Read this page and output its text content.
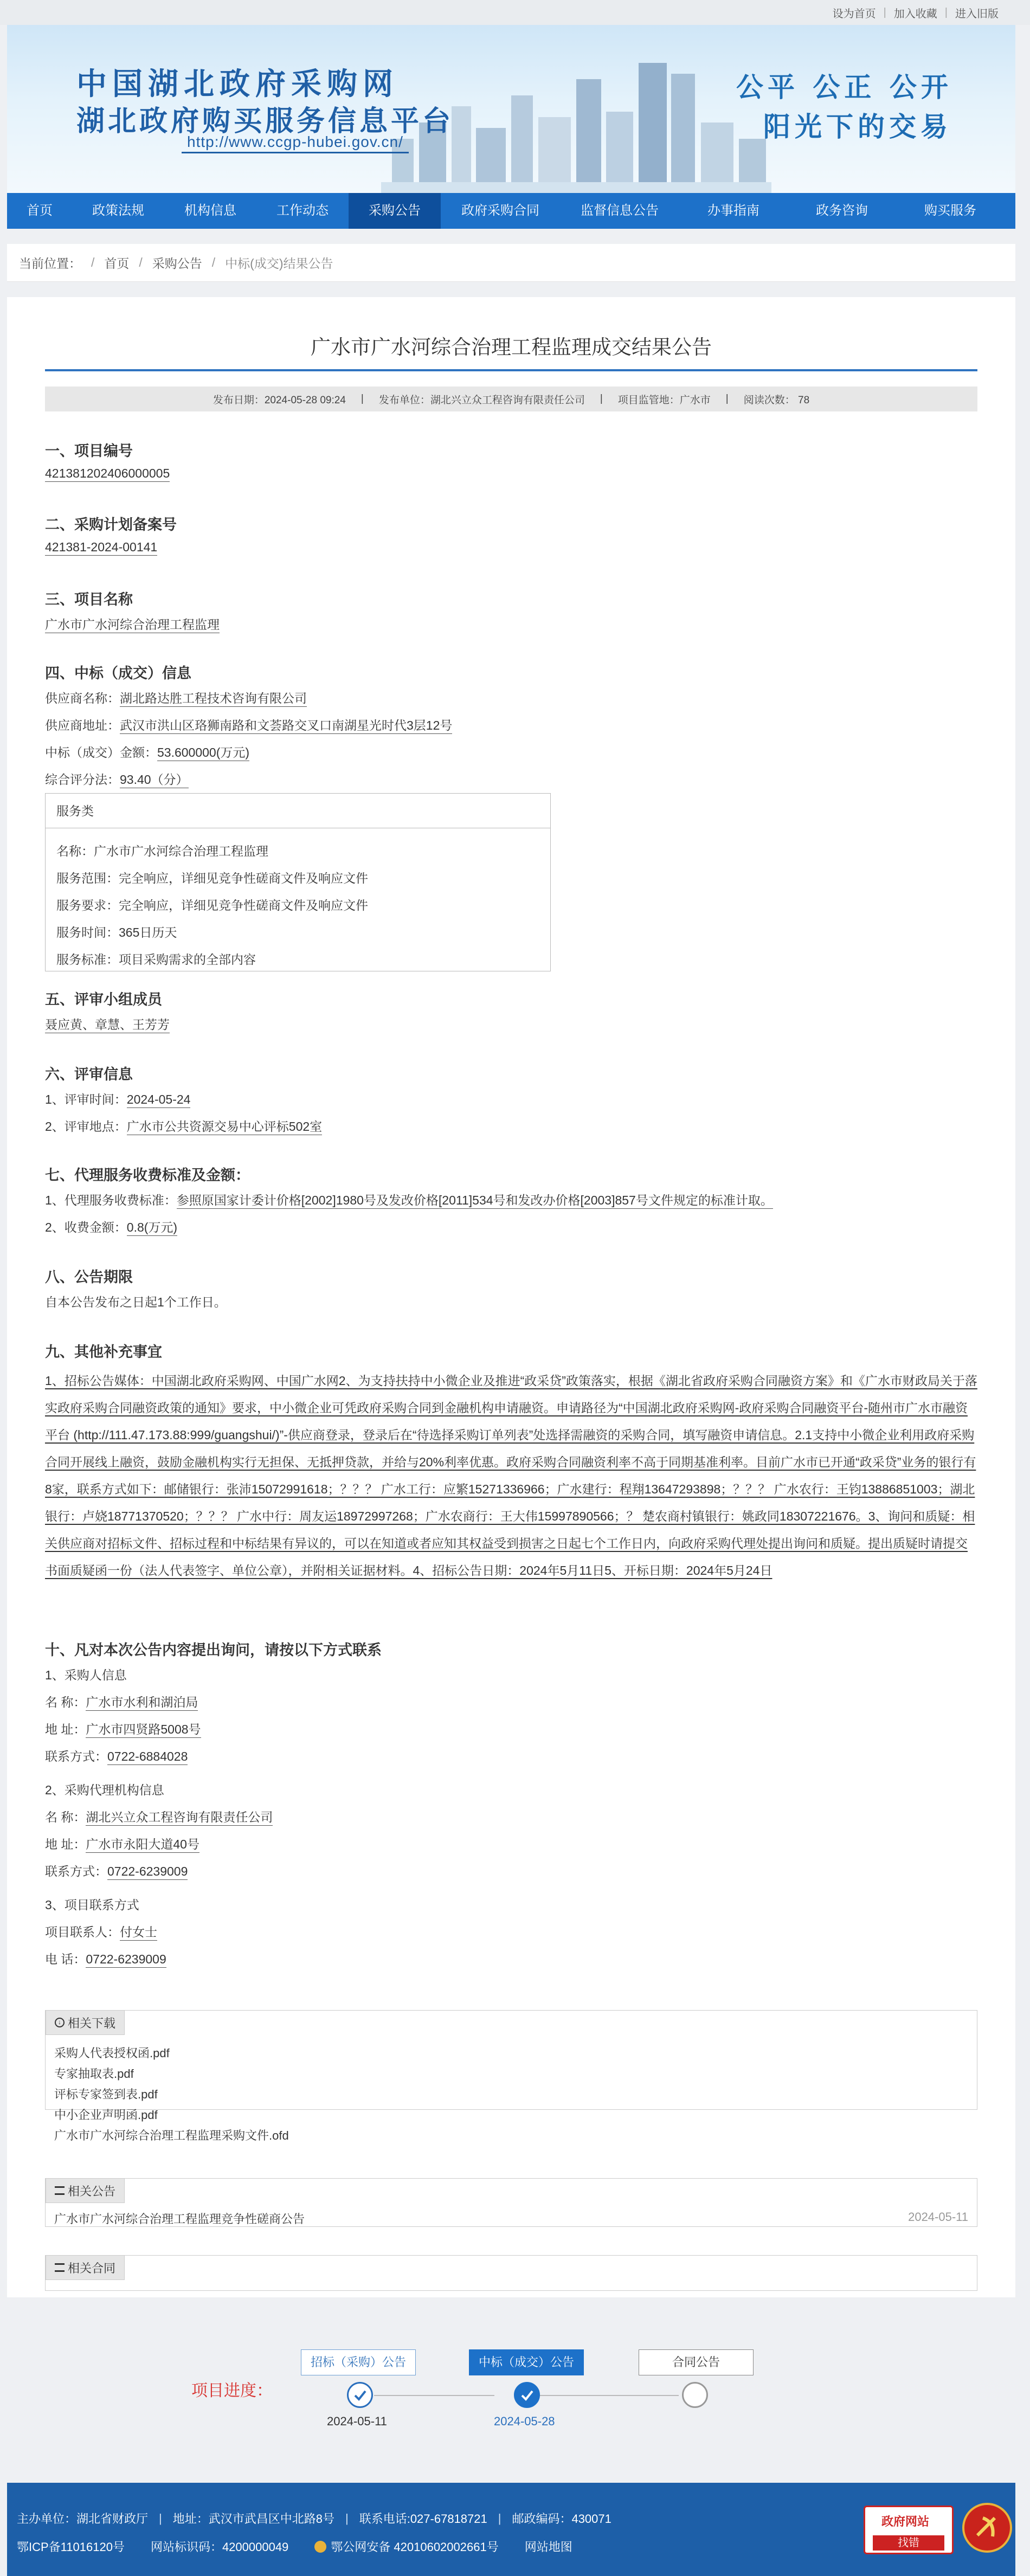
设为首页 | 加入收藏 | 进入旧版
中国湖北政府采购网
湖北政府购买服务信息平台
http://www.ccgp-hubei.gov.cn/
公平 公正 公开
阳光下的交易
首页	政策法规	机构信息	工作动态	采购公告	政府采购合同	监督信息公告	办事指南	政务咨询	购买服务
当前位置： / 首页 / 采购公告 / 中标(成交)结果公告
广水市广水河综合治理工程监理成交结果公告
发布日期：2024-05-28 09:24 | 发布单位：湖北兴立众工程咨询有限责任公司 | 项目监管地：广水市 | 阅读次数： 78
一、项目编号
421381202406000005
二、采购计划备案号
421381-2024-00141
三、项目名称
广水市广水河综合治理工程监理
四、中标（成交）信息
供应商名称：湖北路达胜工程技术咨询有限公司
供应商地址：武汉市洪山区珞狮南路和文荟路交叉口南湖星光时代3层12号
中标（成交）金额：53.600000(万元)
综合评分法：93.40（分）
服务类
名称：广水市广水河综合治理工程监理
服务范围：完全响应，详细见竞争性磋商文件及响应文件
服务要求：完全响应，详细见竞争性磋商文件及响应文件
服务时间：365日历天
服务标准：项目采购需求的全部内容
五、评审小组成员
聂应黄、章慧、王芳芳
六、评审信息
1、评审时间：2024-05-24
2、评审地点：广水市公共资源交易中心评标502室
七、代理服务收费标准及金额：
1、代理服务收费标准：参照原国家计委计价格[2002]1980号及发改价格[2011]534号和发改办价格[2003]857号文件规定的标准计取。
2、收费金额：0.8(万元)
八、公告期限
自本公告发布之日起1个工作日。
九、其他补充事宜
1、招标公告媒体：中国湖北政府采购网、中国广水网2、为支持扶持中小微企业及推进“政采贷”政策落实，根据《湖北省政府采购合同融资方案》和《广水市财政局关于落实政府采购合同融资政策的通知》要求，中小微企业可凭政府采购合同到金融机构申请融资。申请路径为“中国湖北政府采购网-政府采购合同融资平台-随州市广水市融资平台 (http://111.47.173.88:999/guangshui/)”-供应商登录，登录后在“待选择采购订单列表”处选择需融资的采购合同，填写融资申请信息。2.1支持中小微企业利用政府采购合同开展线上融资，鼓励金融机构实行无担保、无抵押贷款，并给与20%利率优惠。政府采购合同融资利率不高于同期基准利率。目前广水市已开通“政采贷”业务的银行有8家，联系方式如下：邮储银行：张沛15072991618；？？？ 广水工行：应繁15271336966；广水建行：程翔13647293898；？？？ 广水农行：王钧13886851003；湖北银行：卢娆18771370520；？？？ 广水中行：周友运18972997268；广水农商行：王大伟15997890566；？ 楚农商村镇银行：姚政同18307221676。3、询问和质疑：相关供应商对招标文件、招标过程和中标结果有异议的，可以在知道或者应知其权益受到损害之日起七个工作日内，向政府采购代理处提出询问和质疑。提出质疑时请提交书面质疑函一份（法人代表签字、单位公章），并附相关证据材料。4、招标公告日期：2024年5月11日5、开标日期：2024年5月24日
十、凡对本次公告内容提出询问，请按以下方式联系
1、采购人信息
名 称：广水市水利和湖泊局
地 址：广水市四贤路5008号
联系方式：0722-6884028
2、采购代理机构信息
名 称：湖北兴立众工程咨询有限责任公司
地 址：广水市永阳大道40号
联系方式：0722-6239009
3、项目联系方式
项目联系人：付女士
电 话：0722-6239009
↓ 相关下载
采购人代表授权函.pdf
专家抽取表.pdf
评标专家签到表.pdf
中小企业声明函.pdf
广水市广水河综合治理工程监理采购文件.ofd
相关公告
广水市广水河综合治理工程监理竞争性磋商公告	2024-05-11
相关合同
项目进度：
招标（采购）公告	中标（成交）公告	合同公告
2024-05-11	2024-05-28
主办单位：湖北省财政厅 | 地址：武汉市武昌区中北路8号 | 联系电话:027-67818721 | 邮政编码：430071
鄂ICP备11016120号 网站标识码：4200000049	鄂公网安备 42010602002661号 网站地图
政府网站
找错
